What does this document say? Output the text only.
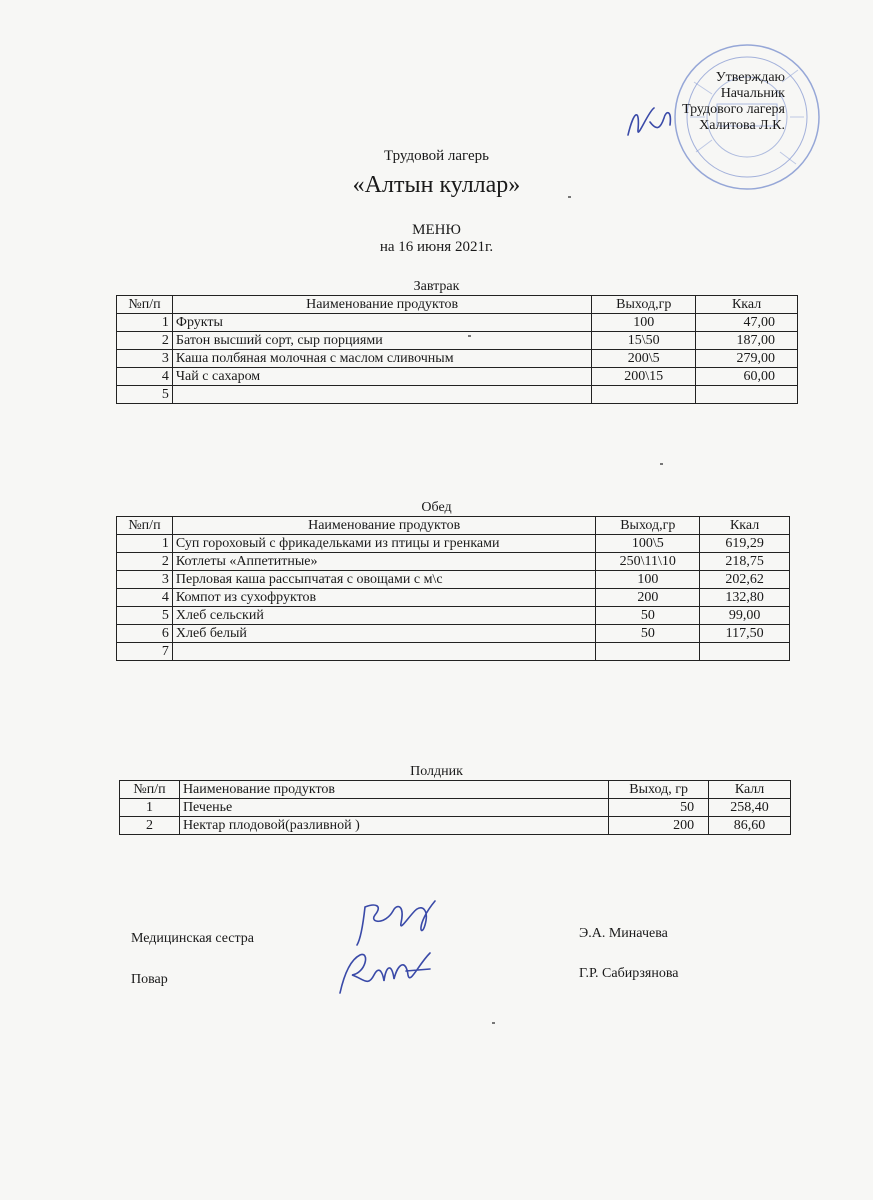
Утверждаю
Начальник
Трудового лагеря
Халитова Л.К.
Трудовой лагерь
«Алтын куллар»
МЕНЮ
на 16 июня 2021г.
Завтрак
№п/п	Наименование продуктов	Выход,гр	Ккал
1	Фрукты	100	47,00
2	Батон высший сорт, сыр порциями	15\50	187,00
3	Каша полбяная молочная с маслом сливочным	200\5	279,00
4	Чай с сахаром	200\15	60,00
5			
Обед
№п/п	Наименование продуктов	Выход,гр	Ккал
1	Суп гороховый с фрикадельками из птицы и гренками	100\5	619,29
2	Котлеты «Аппетитные»	250\11\10	218,75
3	Перловая каша рассыпчатая с овощами с м\с	100	202,62
4	Компот из сухофруктов	200	132,80
5	Хлеб сельский	50	99,00
6	Хлеб белый	50	117,50
7			
Полдник
№п/п	Наименование продуктов	Выход, гр	Калл
1	Печенье	50	258,40
2	Нектар плодовой(разливной )	200	86,60
Медицинская сестра	Э.А. Миначева
Повар	Г.Р. Сабирзянова
